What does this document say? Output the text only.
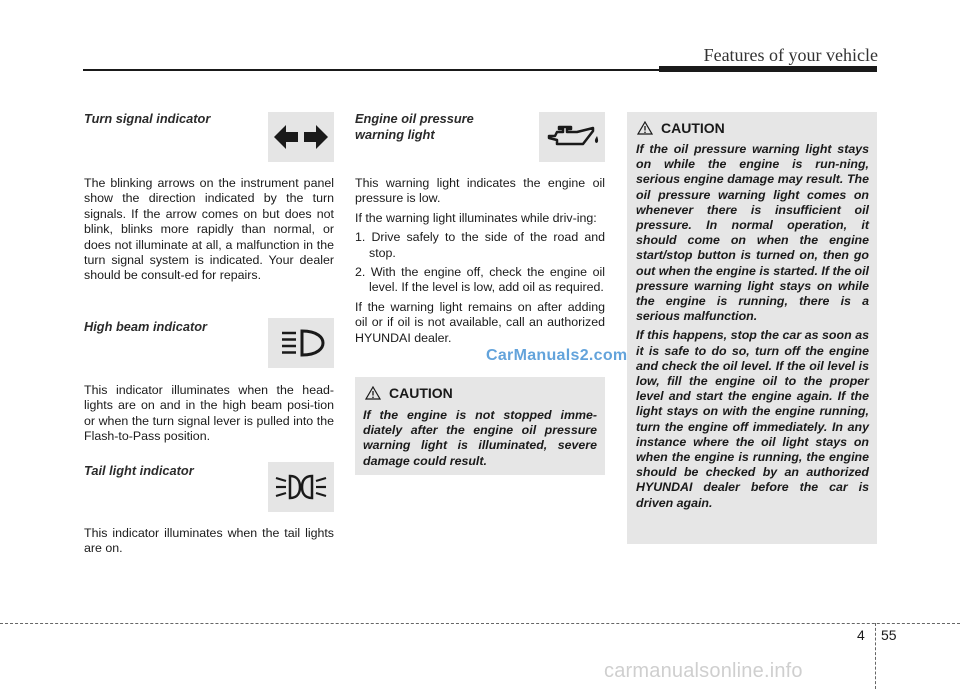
Features of your vehicle
Turn signal indicator

The blinking arrows on the instrument panel show the direction indicated by the turn signals. If the arrow comes on but does not blink, blinks more rapidly than normal, or does not illuminate at all, a malfunction in the turn signal system is indicated. Your dealer should be consult-ed for repairs.

High beam indicator

This indicator illuminates when the head-lights are on and in the high beam posi-tion or when the turn signal lever is pulled into the Flash-to-Pass position.

Tail light indicator

This indicator illuminates when the tail lights are on.

Engine oil pressure
warning light

This warning light indicates the engine oil pressure is low.

If the warning light illuminates while driv-ing:

1. Drive safely to the side of the road and stop.

2. With the engine off, check the engine oil level. If the level is low, add oil as required.

If the warning light remains on after adding oil or if oil is not available, call an authorized HYUNDAI dealer.

CAUTION
If the engine is not stopped imme-diately after the engine oil pressure warning light is illuminated, severe damage could result.
CAUTION

If the oil pressure warning light stays on while the engine is run-ning, serious engine damage may result. The oil pressure warning light comes on whenever there is insufficient oil pressure. In normal operation, it should come on when the engine start/stop button is turned on, then go out when the engine is started. If the oil pressure warning light stays on while the engine is running, there is a serious malfunction.

If this happens, stop the car as soon as it is safe to do so, turn off the engine and check the oil level. If the oil level is low, fill the engine oil to the proper level and start the engine again. If the light stays on with the engine running, turn the engine off immediately. In any instance where the oil light stays on when the engine is running, the engine should be checked by an authorized HYUNDAI dealer before the car is driven again.

CarManuals2.com
4 55
carmanualsonline.info
